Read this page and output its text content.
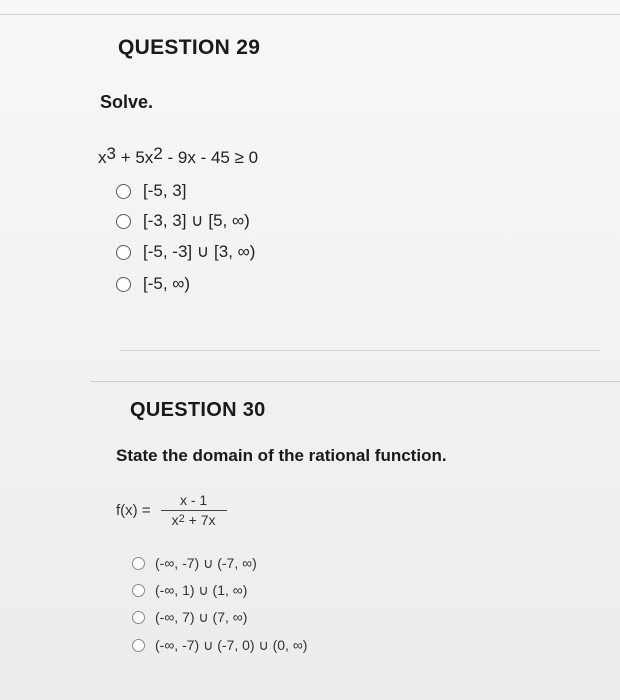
QUESTION 29
Solve.
$x^3 + 5x^2 - 9x - 45 \ge 0$
[-5, 3]
[-3, 3] ∪ [5, ∞)
[-5, -3] ∪ [3, ∞)
[-5, ∞)
QUESTION 30
State the domain of the rational function.
$f(x) = \frac{x - 1}{x^2 + 7x}$
(-∞, -7) ∪ (-7, ∞)
(-∞, 1) ∪ (1, ∞)
(-∞, 7) ∪ (7, ∞)
(-∞, -7) ∪ (-7, 0) ∪ (0, ∞)
